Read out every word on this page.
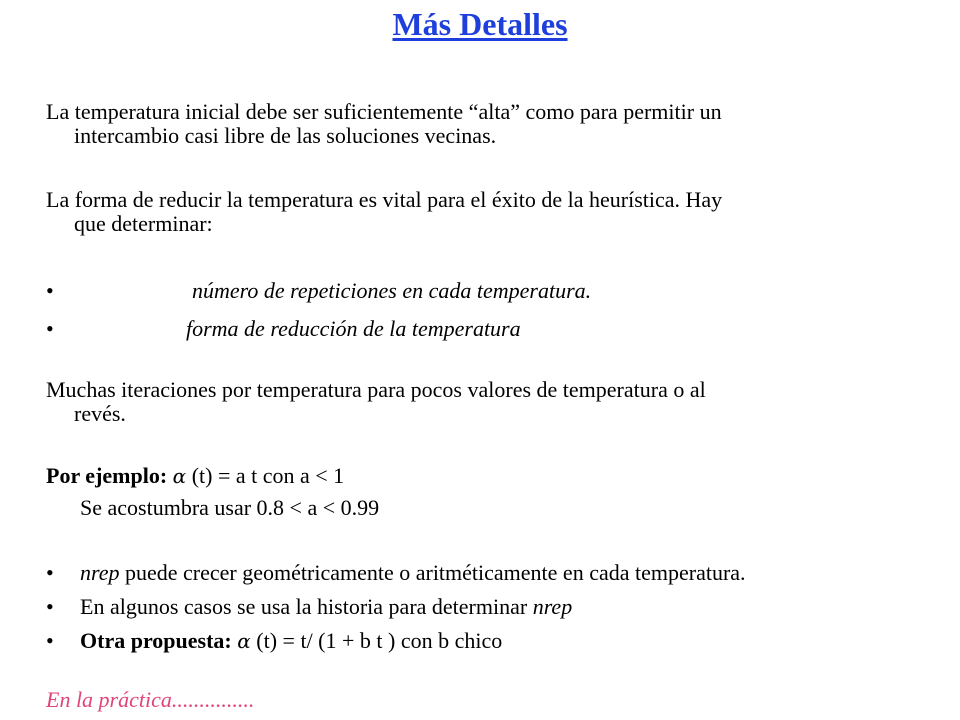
Más Detalles
La temperatura inicial debe ser suficientemente “alta” como para permitir un
intercambio casi libre de las soluciones vecinas.
La forma de reducir la temperatura es vital para el éxito de la heurística. Hay
que determinar:
•	número de repeticiones en cada temperatura.
•	forma de reducción de la temperatura
Muchas iteraciones por temperatura para pocos valores de temperatura o al
revés.
Por ejemplo: α (t) = a t con a < 1
Se acostumbra usar 0.8 < a < 0.99
• nrep puede crecer geométricamente o aritméticamente en cada temperatura.
• En algunos casos se usa la historia para determinar nrep
• Otra propuesta: α (t) = t/ (1 + b t ) con b chico
En la práctica...............
